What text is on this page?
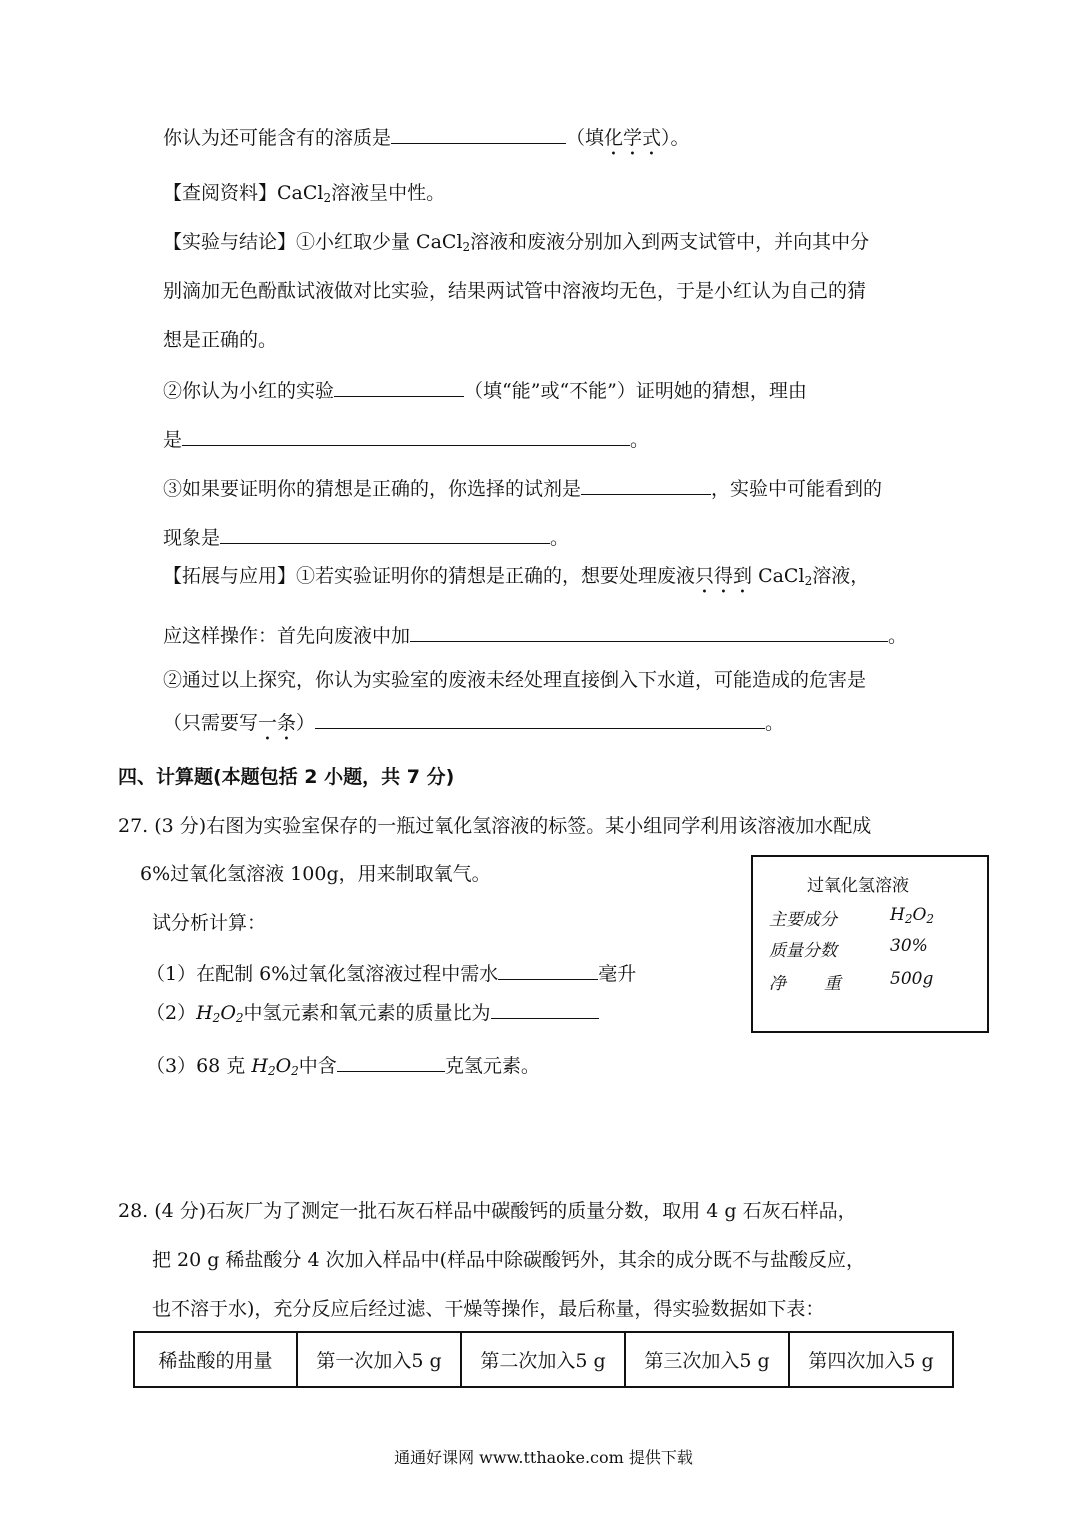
你认为还可能含有的溶质是	（填化学式）。
【查阅资料】CaCl$_2$溶液呈中性。
【实验与结论】①小红取少量 CaCl$_2$溶液和废液分别加入到两支试管中，并向其中分
别滴加无色酚酞试液做对比实验，结果两试管中溶液均无色，于是小红认为自己的猜
想是正确的。
②你认为小红的实验	（填“能”或“不能”）证明她的猜想，理由
是	。
③如果要证明你的猜想是正确的，你选择的试剂是	，实验中可能看到的
现象是	。
【拓展与应用】①若实验证明你的猜想是正确的，想要处理废液只得到 CaCl$_2$溶液，
应这样操作：首先向废液中加	。
②通过以上探究，你认为实验室的废液未经处理直接倒入下水道，可能造成的危害是
（只需要写一条）	。
四、计算题(本题包括 2 小题，共 7 分)
27. (3 分)右图为实验室保存的一瓶过氧化氢溶液的标签。某小组同学利用该溶液加水配成
6%过氧化氢溶液 100g，用来制取氧气。
试分析计算：
（1）在配制 6%过氧化氢溶液过程中需水	毫升
$(2)H_2O_2$中氢元素和氧元素的质量比为
（3）68 克 $H_2O_2$中含	克氢元素。
过氧化氢溶液
主要成分	$H_2O_2$
质量分数	30%
净 重	500g
28. (4 分)石灰厂为了测定一批石灰石样品中碳酸钙的质量分数，取用 4 g 石灰石样品，
把 20 g 稀盐酸分 4 次加入样品中(样品中除碳酸钙外，其余的成分既不与盐酸反应，
也不溶于水)，充分反应后经过滤、干燥等操作，最后称量，得实验数据如下表：
稀盐酸的用量	第一次加入5 g	第二次加入5 g	第三次加入5 g	第四次加入5 g
通通好课网 www.tthaoke.com 提供下载
